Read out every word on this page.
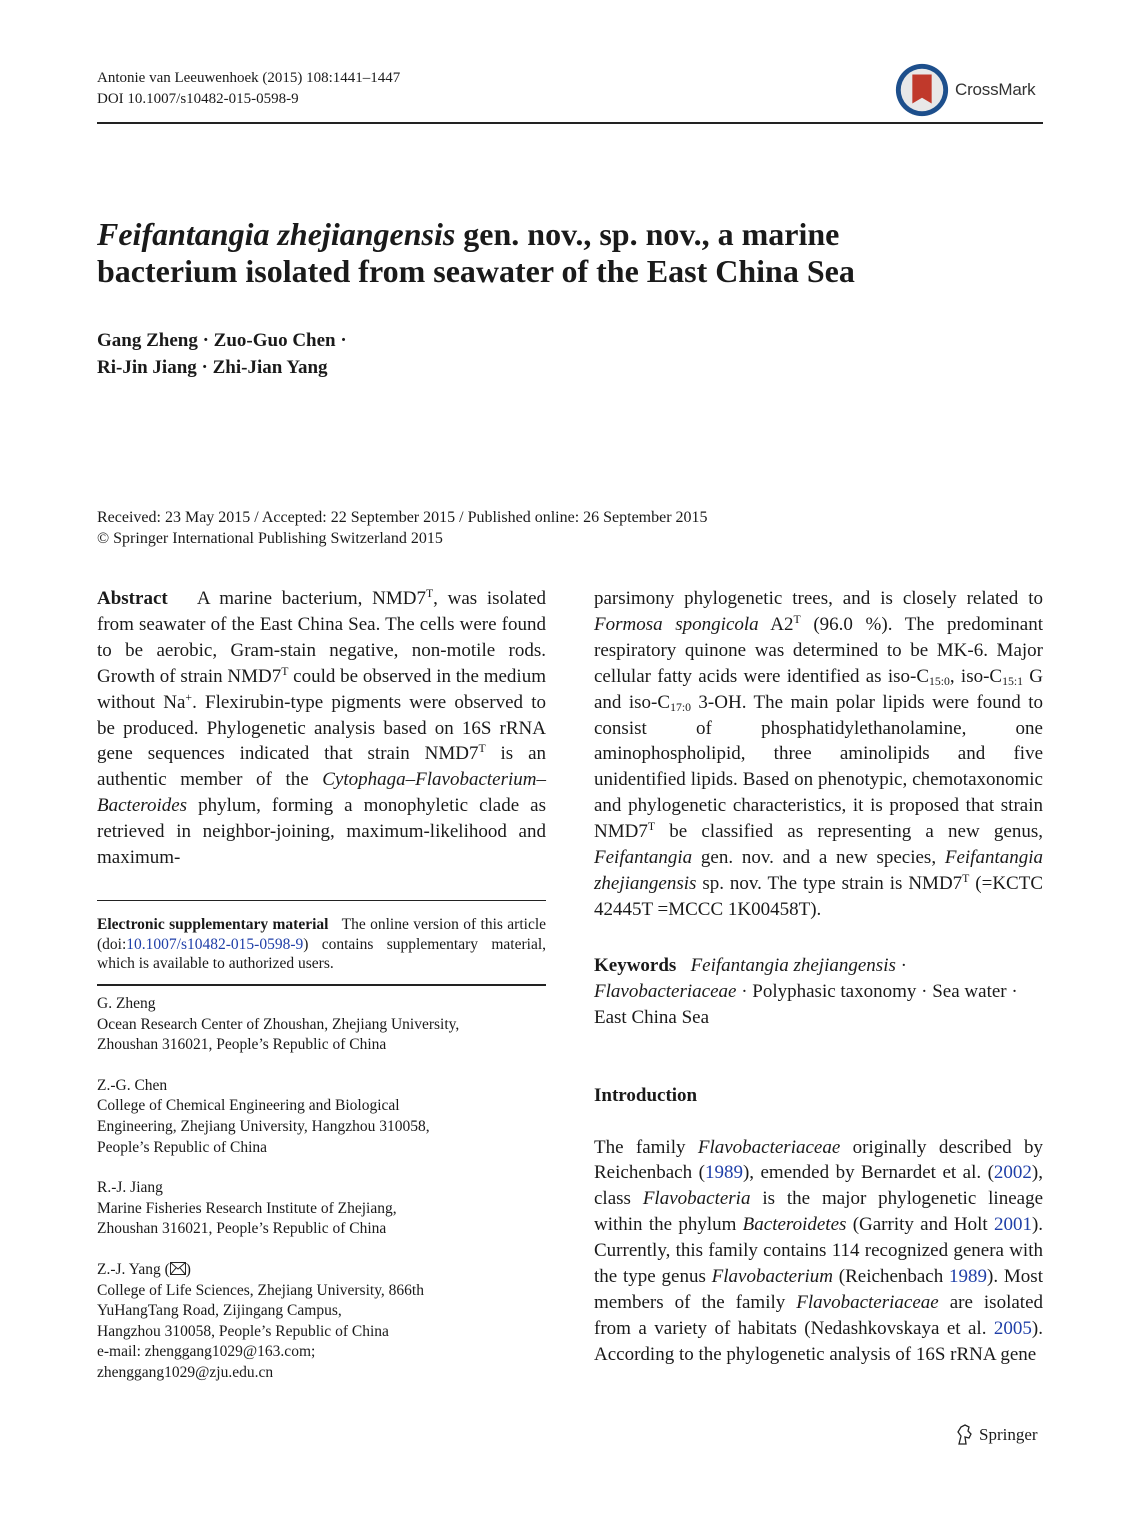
Antonie van Leeuwenhoek (2015) 108:1441–1447
DOI 10.1007/s10482-015-0598-9	CrossMark
Feifantangia zhejiangensis gen. nov., sp. nov., a marine
bacterium isolated from seawater of the East China Sea
Gang Zheng · Zuo-Guo Chen ·
Ri-Jin Jiang · Zhi-Jian Yang
Received: 23 May 2015 / Accepted: 22 September 2015 / Published online: 26 September 2015
© Springer International Publishing Switzerland 2015

Abstract A marine bacterium, $NMD7^T$, was isolated from seawater of the East China Sea. The cells were found to be aerobic, Gram-stain negative, non-motile rods. Growth of strain $NMD7^T$ could be observed in the medium without Na+. Flexirubin-type pigments were observed to be produced. Phylogenetic analysis based on 16S rRNA gene sequences indicated that strain $NMD7^T$ is an authentic member of the Cytophaga–Flavobacterium–Bacteroides phylum, forming a monophyletic clade as retrieved in neighbor-joining, maximum-likelihood and maximum-

Electronic supplementary material The online version of this article (doi:10.1007/s10482-015-0598-9) contains supplementary material, which is available to authorized users.
G. Zheng
Ocean Research Center of Zhoushan, Zhejiang University,
Zhoushan 316021, People’s Republic of China
Z.-G. Chen
College of Chemical Engineering and Biological
Engineering, Zhejiang University, Hangzhou 310058,
People’s Republic of China
R.-J. Jiang
Marine Fisheries Research Institute of Zhejiang,
Zhoushan 316021, People’s Republic of China
Z.-J. Yang ( )
College of Life Sciences, Zhejiang University, 866th
YuHangTang Road, Zijingang Campus,
Hangzhou 310058, People’s Republic of China
e-mail: zhenggang1029@163.com;
zhenggang1029@zju.edu.cn

parsimony phylogenetic trees, and is closely related to Formosa spongicola $A2^T$ (96.0 %). The predominant respiratory quinone was determined to be MK-6. Major cellular fatty acids were identified as iso-$C_{15:0}$, iso-$C_{15:1}$ G and iso-$C_{17:0}$ 3-OH. The main polar lipids were found to consist of phosphatidylethanolamine, one aminophospholipid, three aminolipids and five unidentified lipids. Based on phenotypic, chemotaxonomic and phylogenetic characteristics, it is proposed that strain $NMD7^T$ be classified as representing a new genus, Feifantangia gen. nov. and a new species, Feifantangia zhejiangensis sp. nov. The type strain is $NMD7^T$ (=KCTC 42445T =MCCC 1K00458T).

Keywords Feifantangia zhejiangensis · Flavobacteriaceae · Polyphasic taxonomy · Sea water · East China Sea

Introduction

The family Flavobacteriaceae originally described by Reichenbach (1989), emended by Bernardet et al. (2002), class Flavobacteria is the major phylogenetic lineage within the phylum Bacteroidetes (Garrity and Holt 2001). Currently, this family contains 114 recognized genera with the type genus Flavobacterium (Reichenbach 1989). Most members of the family Flavobacteriaceae are isolated from a variety of habitats (Nedashkovskaya et al. 2005). According to the phylogenetic analysis of 16S rRNA gene

Springer
